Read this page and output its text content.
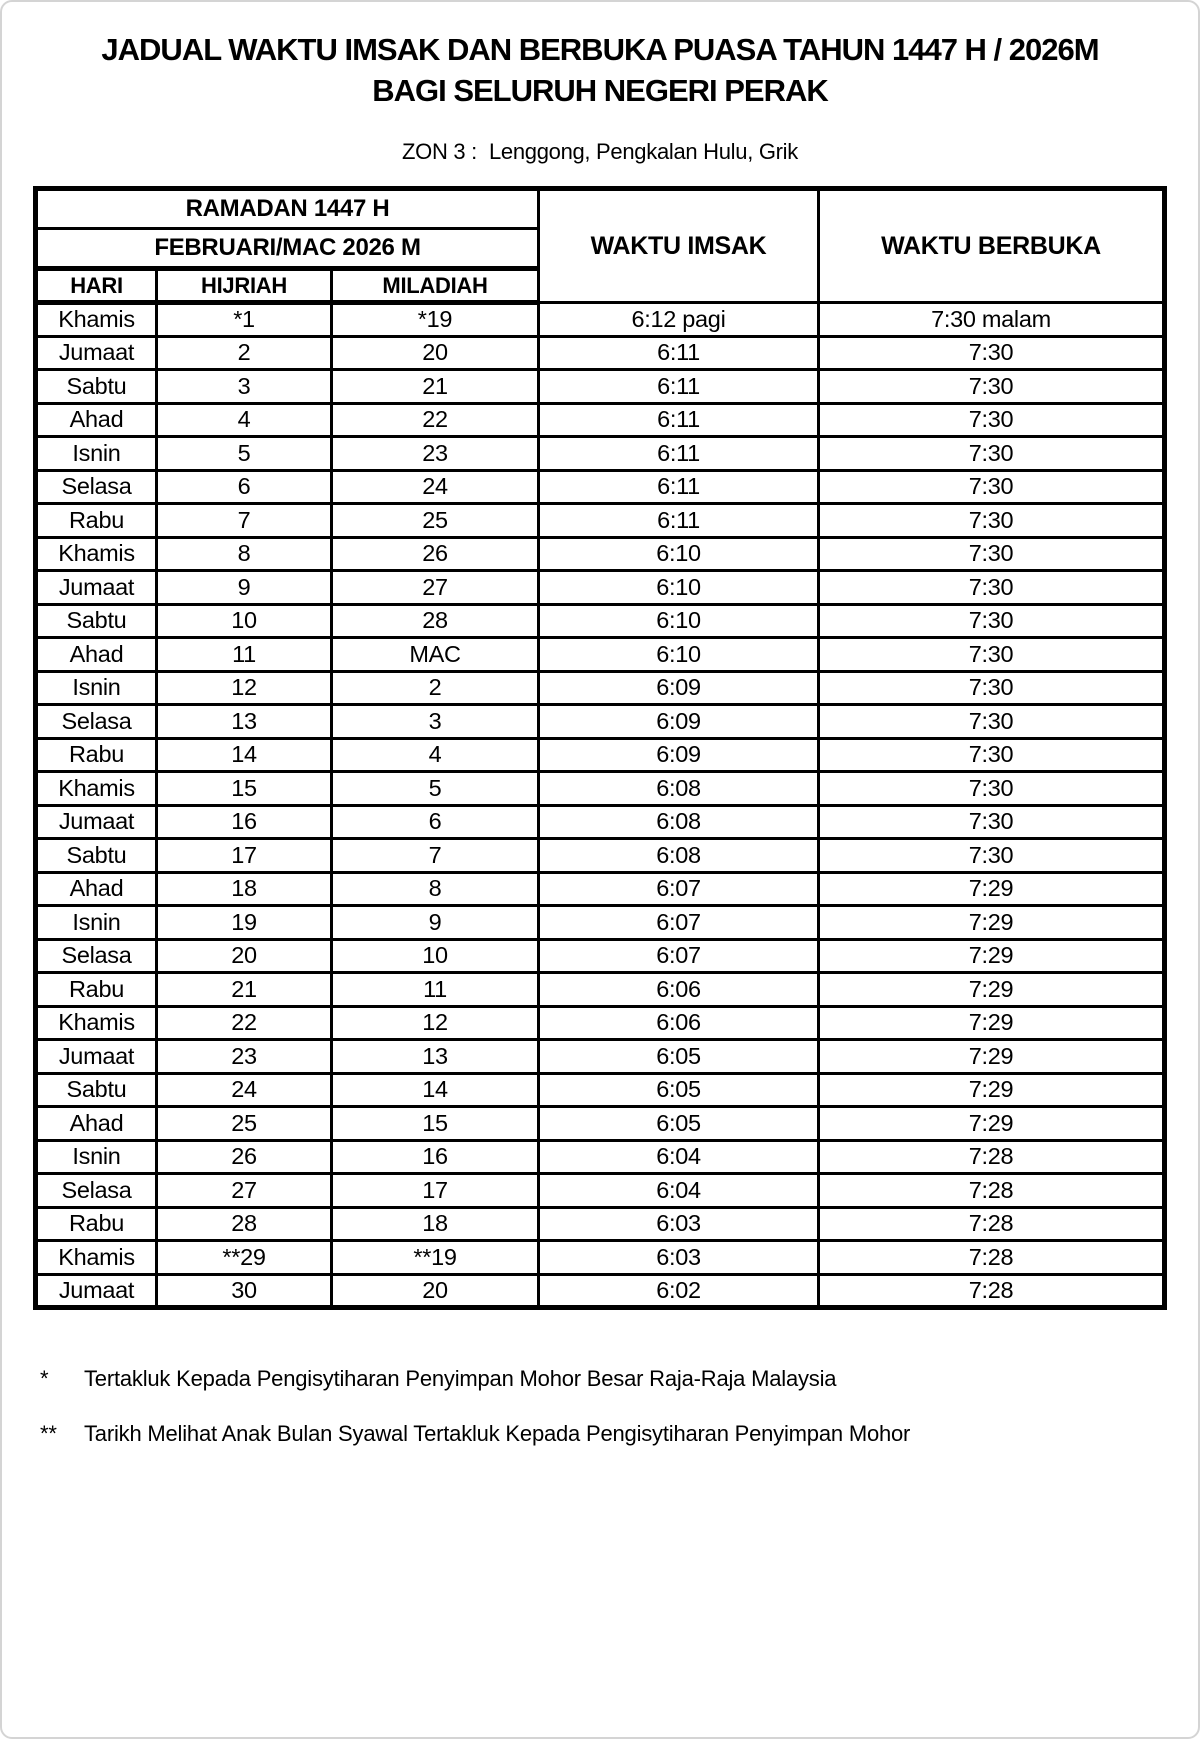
JADUAL WAKTU IMSAK DAN BERBUKA PUASA TAHUN 1447 H / 2026M
BAGI SELURUH NEGERI PERAK
ZON 3 : Lenggong, Pengkalan Hulu, Grik
RAMADAN 1447 H			WAKTU IMSAK	WAKTU BERBUKA
FEBRUARI/MAC 2026 M				
HARI	HIJRIAH	MILADIAH		
Khamis	*1	*19	6:12 pagi	7:30 malam
Jumaat	2	20	6:11	7:30
Sabtu	3	21	6:11	7:30
Ahad	4	22	6:11	7:30
Isnin	5	23	6:11	7:30
Selasa	6	24	6:11	7:30
Rabu	7	25	6:11	7:30
Khamis	8	26	6:10	7:30
Jumaat	9	27	6:10	7:30
Sabtu	10	28	6:10	7:30
Ahad	11	MAC	6:10	7:30
Isnin	12	2	6:09	7:30
Selasa	13	3	6:09	7:30
Rabu	14	4	6:09	7:30
Khamis	15	5	6:08	7:30
Jumaat	16	6	6:08	7:30
Sabtu	17	7	6:08	7:30
Ahad	18	8	6:07	7:29
Isnin	19	9	6:07	7:29
Selasa	20	10	6:07	7:29
Rabu	21	11	6:06	7:29
Khamis	22	12	6:06	7:29
Jumaat	23	13	6:05	7:29
Sabtu	24	14	6:05	7:29
Ahad	25	15	6:05	7:29
Isnin	26	16	6:04	7:28
Selasa	27	17	6:04	7:28
Rabu	28	18	6:03	7:28
Khamis	**29	**19	6:03	7:28
Jumaat	30	20	6:02	7:28
*	Tertakluk Kepada Pengisytiharan Penyimpan Mohor Besar Raja-Raja Malaysia
**	Tarikh Melihat Anak Bulan Syawal Tertakluk Kepada Pengisytiharan Penyimpan Mohor
